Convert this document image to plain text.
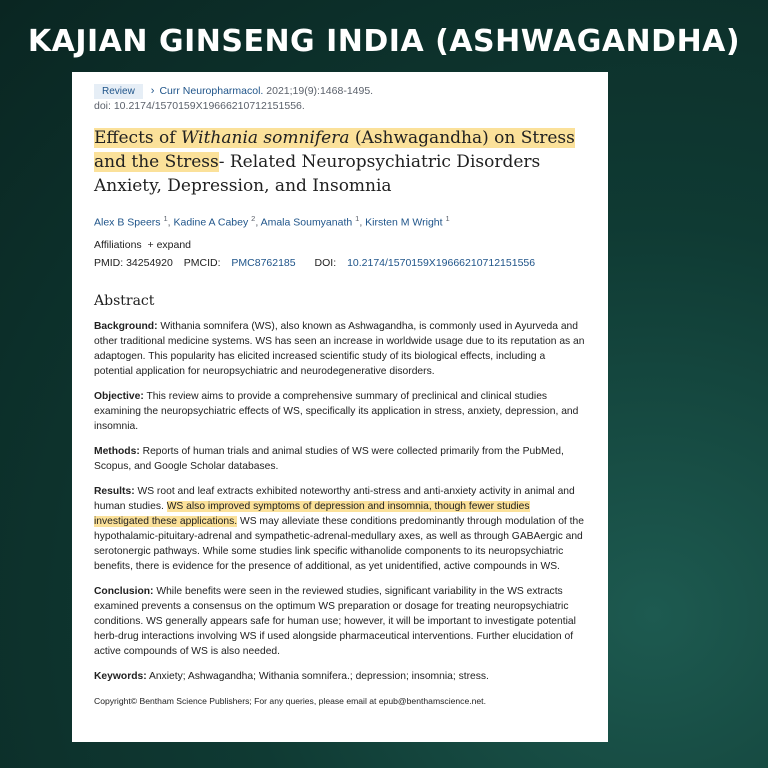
KAJIAN GINSENG INDIA (ASHWAGANDHA)
Review	› Curr Neuropharmacol. 2021;19(9):1468-1495.
doi: 10.2174/1570159X19666210712151556.
Effects of Withania somnifera (Ashwagandha) on Stress and the Stress- Related Neuropsychiatric Disorders Anxiety, Depression, and Insomnia
Alex B Speers $^1$, Kadine A Cabey $^2$, Amala Soumyanath $^1$, Kirsten M Wright $^1$
Affiliations + expand
PMID: 34254920 PMCID: PMC8762185 DOI: 10.2174/1570159X19666210712151556
Abstract
Background: Withania somnifera (WS), also known as Ashwagandha, is commonly used in Ayurveda and other traditional medicine systems. WS has seen an increase in worldwide usage due to its reputation as an adaptogen. This popularity has elicited increased scientific study of its biological effects, including a potential application for neuropsychiatric and neurodegenerative disorders.
Objective: This review aims to provide a comprehensive summary of preclinical and clinical studies examining the neuropsychiatric effects of WS, specifically its application in stress, anxiety, depression, and insomnia.
Methods: Reports of human trials and animal studies of WS were collected primarily from the PubMed, Scopus, and Google Scholar databases.
Results: WS root and leaf extracts exhibited noteworthy anti-stress and anti-anxiety activity in animal and human studies. WS also improved symptoms of depression and insomnia, though fewer studies investigated these applications. WS may alleviate these conditions predominantly through modulation of the hypothalamic-pituitary-adrenal and sympathetic-adrenal-medullary axes, as well as through GABAergic and serotonergic pathways. While some studies link specific withanolide components to its neuropsychiatric benefits, there is evidence for the presence of additional, as yet unidentified, active compounds in WS.
Conclusion: While benefits were seen in the reviewed studies, significant variability in the WS extracts examined prevents a consensus on the optimum WS preparation or dosage for treating neuropsychiatric conditions. WS generally appears safe for human use; however, it will be important to investigate potential herb-drug interactions involving WS if used alongside pharmaceutical interventions. Further elucidation of active compounds of WS is also needed.
Keywords: Anxiety; Ashwagandha; Withania somnifera.; depression; insomnia; stress.
Copyright© Bentham Science Publishers; For any queries, please email at epub@benthamscience.net.
